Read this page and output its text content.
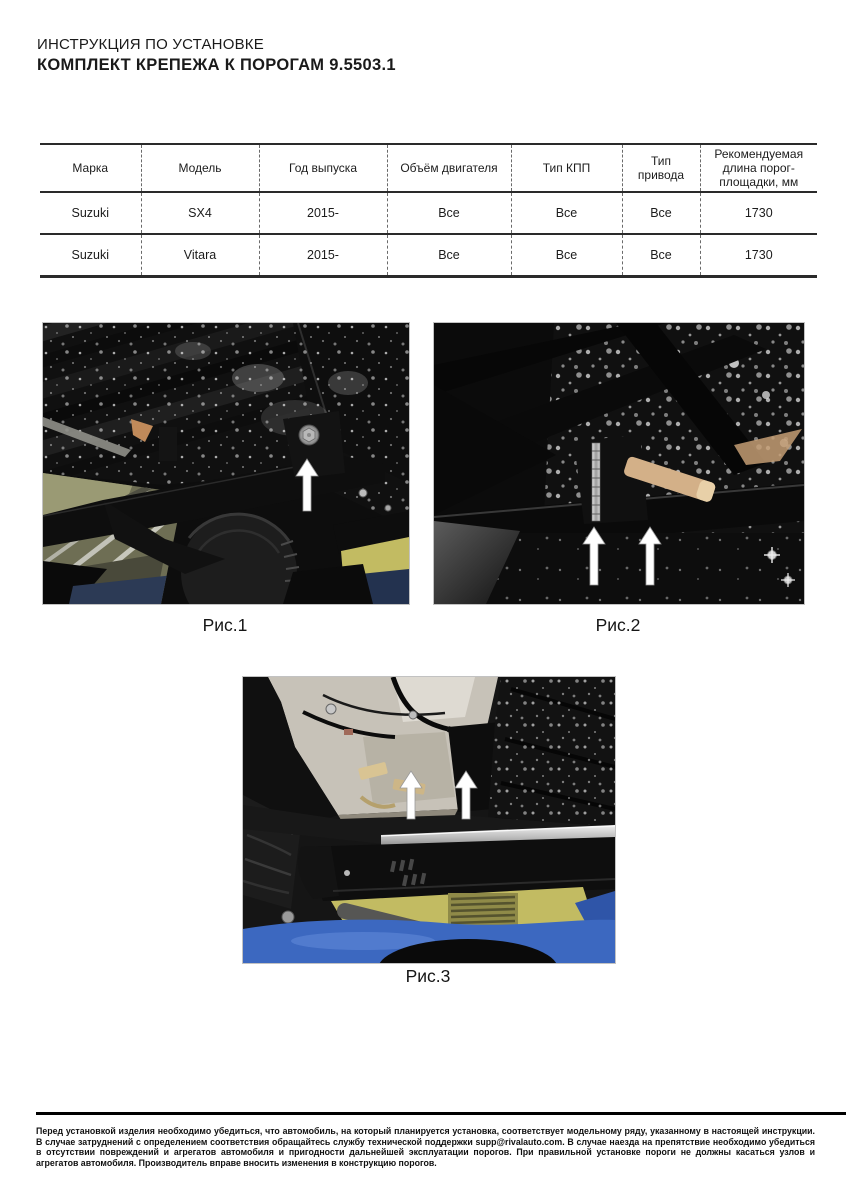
ИНСТРУКЦИЯ ПО УСТАНОВКЕ
КОМПЛЕКТ КРЕПЕЖА К ПОРОГАМ 9.5503.1
Марка	Модель	Год выпуска	Объём двигателя	Тип КПП	Тип привода	Рекомендуемая длина порог-площадки, мм
Suzuki	SX4	2015-	Все	Все	Все	1730
Suzuki	Vitara	2015-	Все	Все	Все	1730
Рис.1	Рис.2
Рис.3

Перед установкой изделия необходимо убедиться, что автомобиль, на который планируется установка, соответствует модельному ряду, указанному в настоящей инструкции. В случае затруднений с определением соответствия обращайтесь службу технической поддержки supp@rivalauto.com. В случае наезда на препятствие необходимо убедиться в отсутствии повреждений и агрегатов автомобиля и пригодности дальнейшей эксплуатации порогов. При правильной установке пороги не должны касаться узлов и агрегатов автомобиля. Производитель вправе вносить изменения в конструкцию порогов.
